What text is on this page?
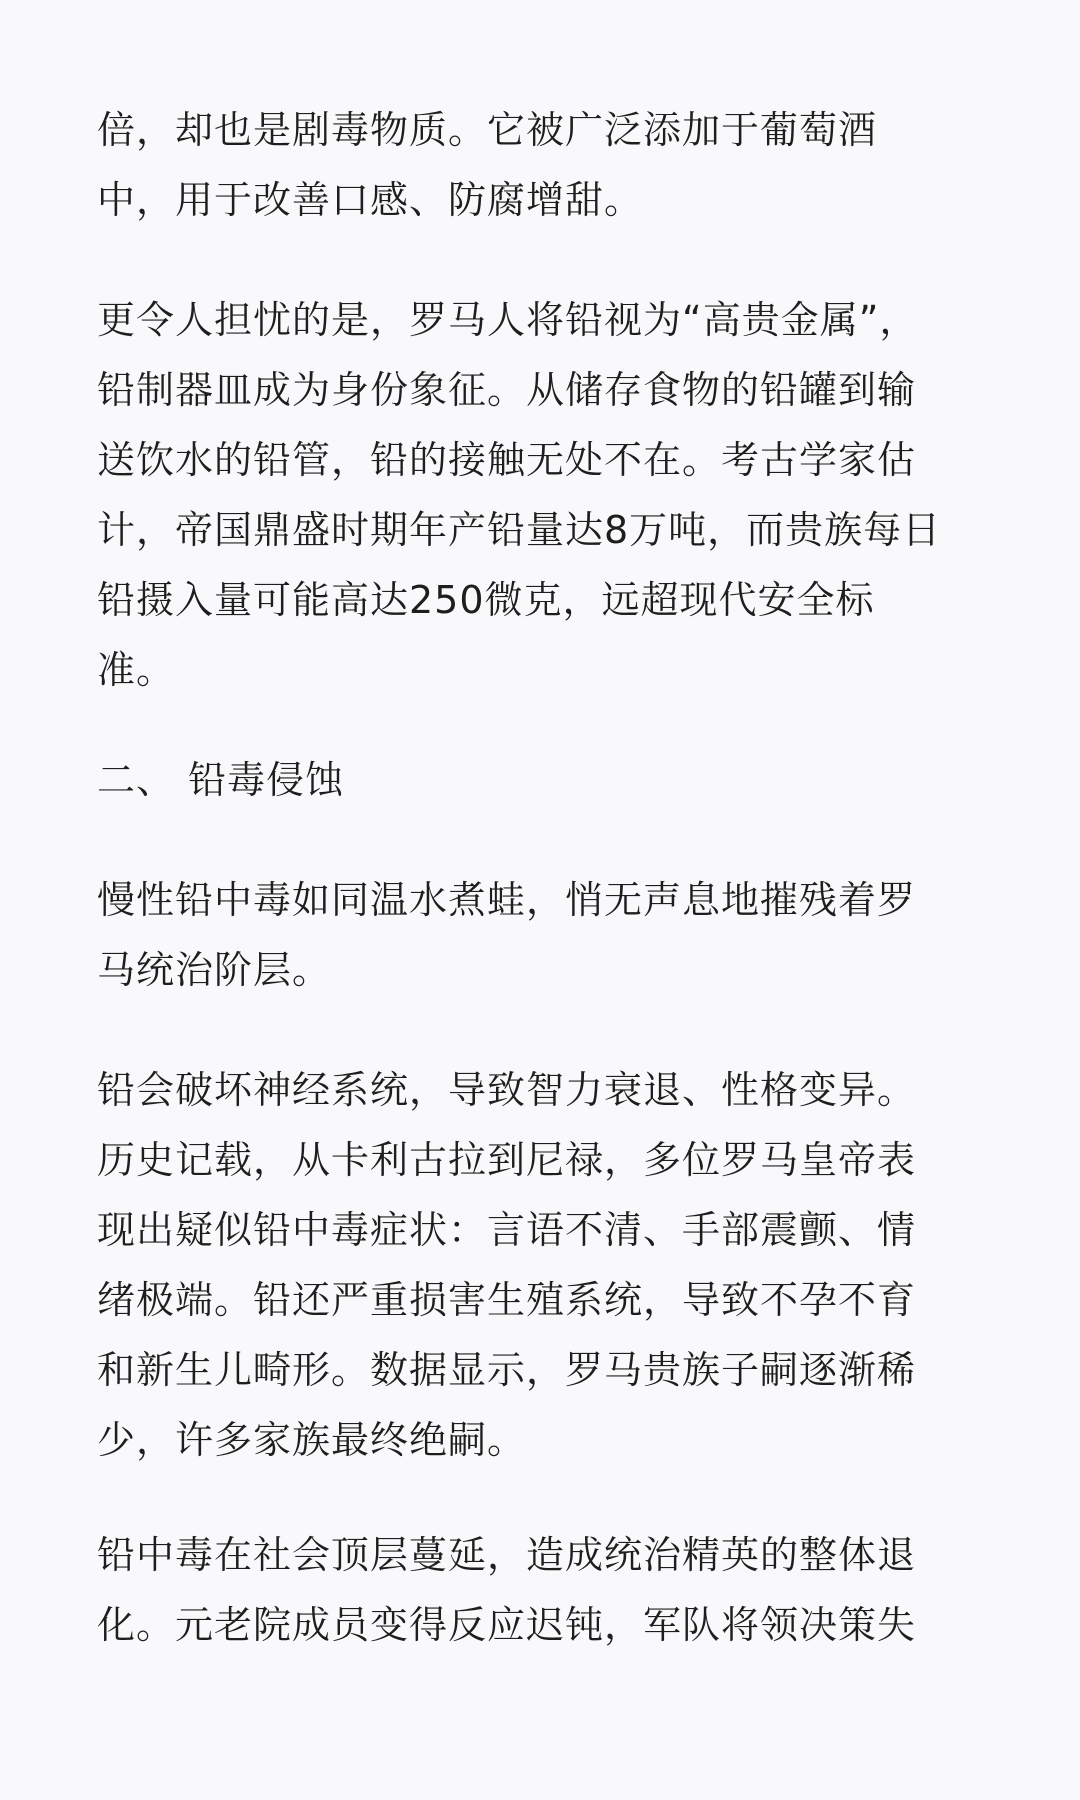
倍，却也是剧毒物质。它被广泛添加于葡萄酒
中，用于改善口感、防腐增甜。
更令人担忧的是，罗马人将铅视为“高贵金属”，
铅制器皿成为身份象征。从储存食物的铅罐到输
送饮水的铅管，铅的接触无处不在。考古学家估
计，帝国鼎盛时期年产铅量达8万吨，而贵族每日
铅摄入量可能高达250微克，远超现代安全标
准。
二、 铅毒侵蚀
慢性铅中毒如同温水煮蛙，悄无声息地摧残着罗
马统治阶层。
铅会破坏神经系统，导致智力衰退、性格变异。
历史记载，从卡利古拉到尼禄，多位罗马皇帝表
现出疑似铅中毒症状：言语不清、手部震颤、情
绪极端。铅还严重损害生殖系统，导致不孕不育
和新生儿畸形。数据显示，罗马贵族子嗣逐渐稀
少，许多家族最终绝嗣。
铅中毒在社会顶层蔓延，造成统治精英的整体退
化。元老院成员变得反应迟钝，军队将领决策失
